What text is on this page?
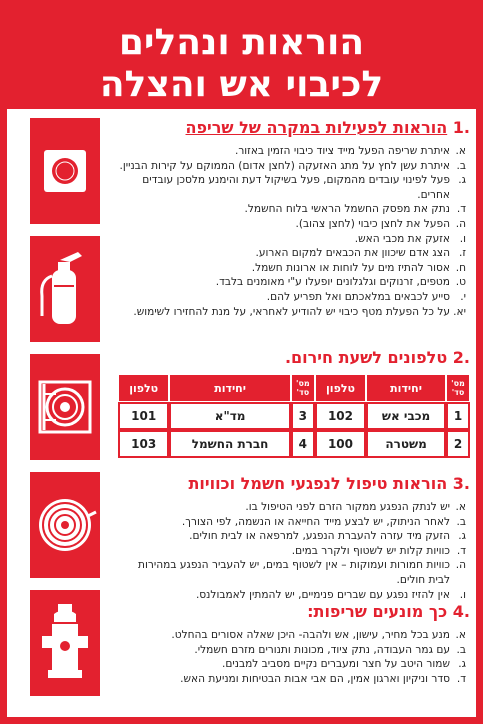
הוראות ונהלים
לכיבוי אש והצלה
.1 הוראות לפעילות במקרה של שריפה
א.
איתרת שריפה הפעל מייד ציוד כיבוי הזמין באזור.
ב.
איתרת עשן לחץ על מתג האזעקה (לחצן אדום) הממוקם על קירות הבניין.
ג.
פעל לפינוי עובדים מהמקום, פעל בשיקול דעת והימנע מלסכן עובדים אחרים.
ד.
נתק את מפסק החשמל הראשי בלוח החשמל.
ה.
הפעל את לחצן כיבוי (לחצן צהוב).
ו.
אזעק את מכבי האש.
ז.
הצג אדם שיכוון את הכבאים למקום הארוע.
ח.
אסור להתיז מים על לוחות או ארונות חשמל.
ט.
מטפים, זרנוקים וגלגלונים יופעלו ע"י מאומנים בלבד.
י.
סייע לכבאים במלאכתם ואל תפריע להם.
יא.
על כל הפעלת מטף כיבוי יש להודיע לאחראי, על מנת להחזירו לשימוש.
.2 טלפונים לשעת חירום.
מס' סד'	יחידות	טלפון	מס' סד'	יחידות	טלפון
1	מכבי אש	102	3	מד"א	101
2	משטרה	100	4	חברת החשמל	103
.3 הוראות טיפול לנפגעי חשמל וכוויות
א.
יש לנתק הנפגע ממקור הזרם לפני הטיפול בו.
ב.
לאחר הניתוק, יש לבצע מייד החייאה או הנשמה, לפי הצורך.
ג.
הזעק מיד עזרה להעברת הנפגע, למרפאה או לבית חולים.
ד.
כוויות קלות יש לשטוף ולקרר במים.
ה.
כוויות חמורות ועמוקות – אין לשטוף במים, יש להעביר הנפגע במהירות לבית חולים.
ו.
אין להזיז נפגע עם שברים פנימיים, יש להמתין לאמבולנס.
.4 כך מונעים שריפות:
א.
מנע בכל מחיר, עישון, אש ולהבה- היכן שאלה אסורים בהחלט.
ב.
עם גמר העבודה, נתק ציוד, מכונות ותנורים מזרם חשמלי.
ג.
שמור היטב על חצר ומעברים נקיים מסביב למבנים.
ד.
סדר וניקיון וארגון אמין, הם אבי אבות הבטיחות ומניעת האש.
